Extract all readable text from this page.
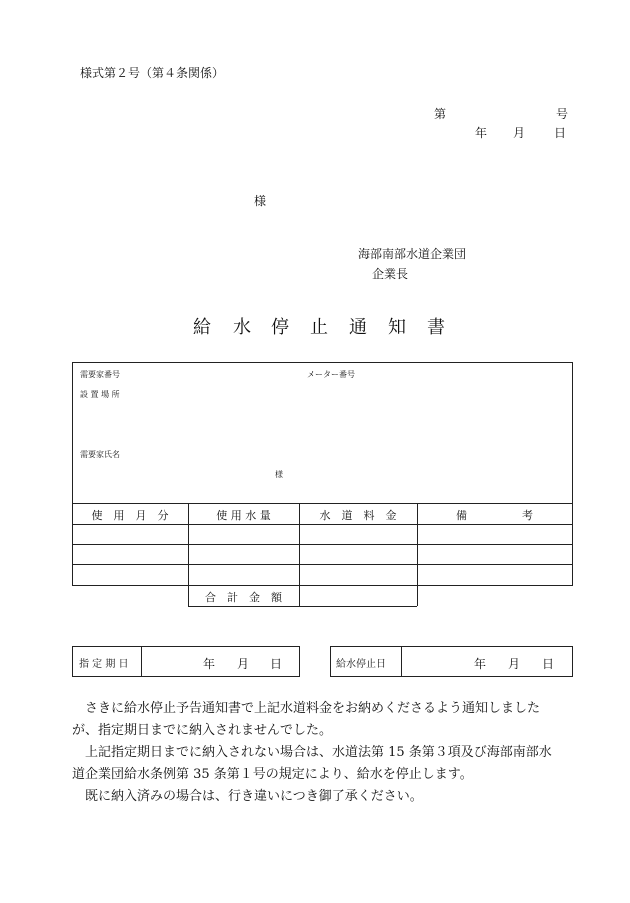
様式第２号（第４条関係）
第	号
年 月 日
様
海部南部水道企業団
企業長
給 水 停 止 通 知 書
需要家番号	メーター番号
設 置 場 所
需要家氏名
様
使　用　月　分	使 用 水 量	水　道　料　金	備　　　　　考
合　計　金　額
指 定 期 日	年 月 日	給水停止日	年 月 日
　さきに給水停止予告通知書で上記水道料金をお納めくださるよう通知しました
が、指定期日までに納入されませんでした。
　上記指定期日までに納入されない場合は、水道法第 15 条第３項及び海部南部水
道企業団給水条例第 35 条第１号の規定により、給水を停止します。
　既に納入済みの場合は、行き違いにつき御了承ください。
